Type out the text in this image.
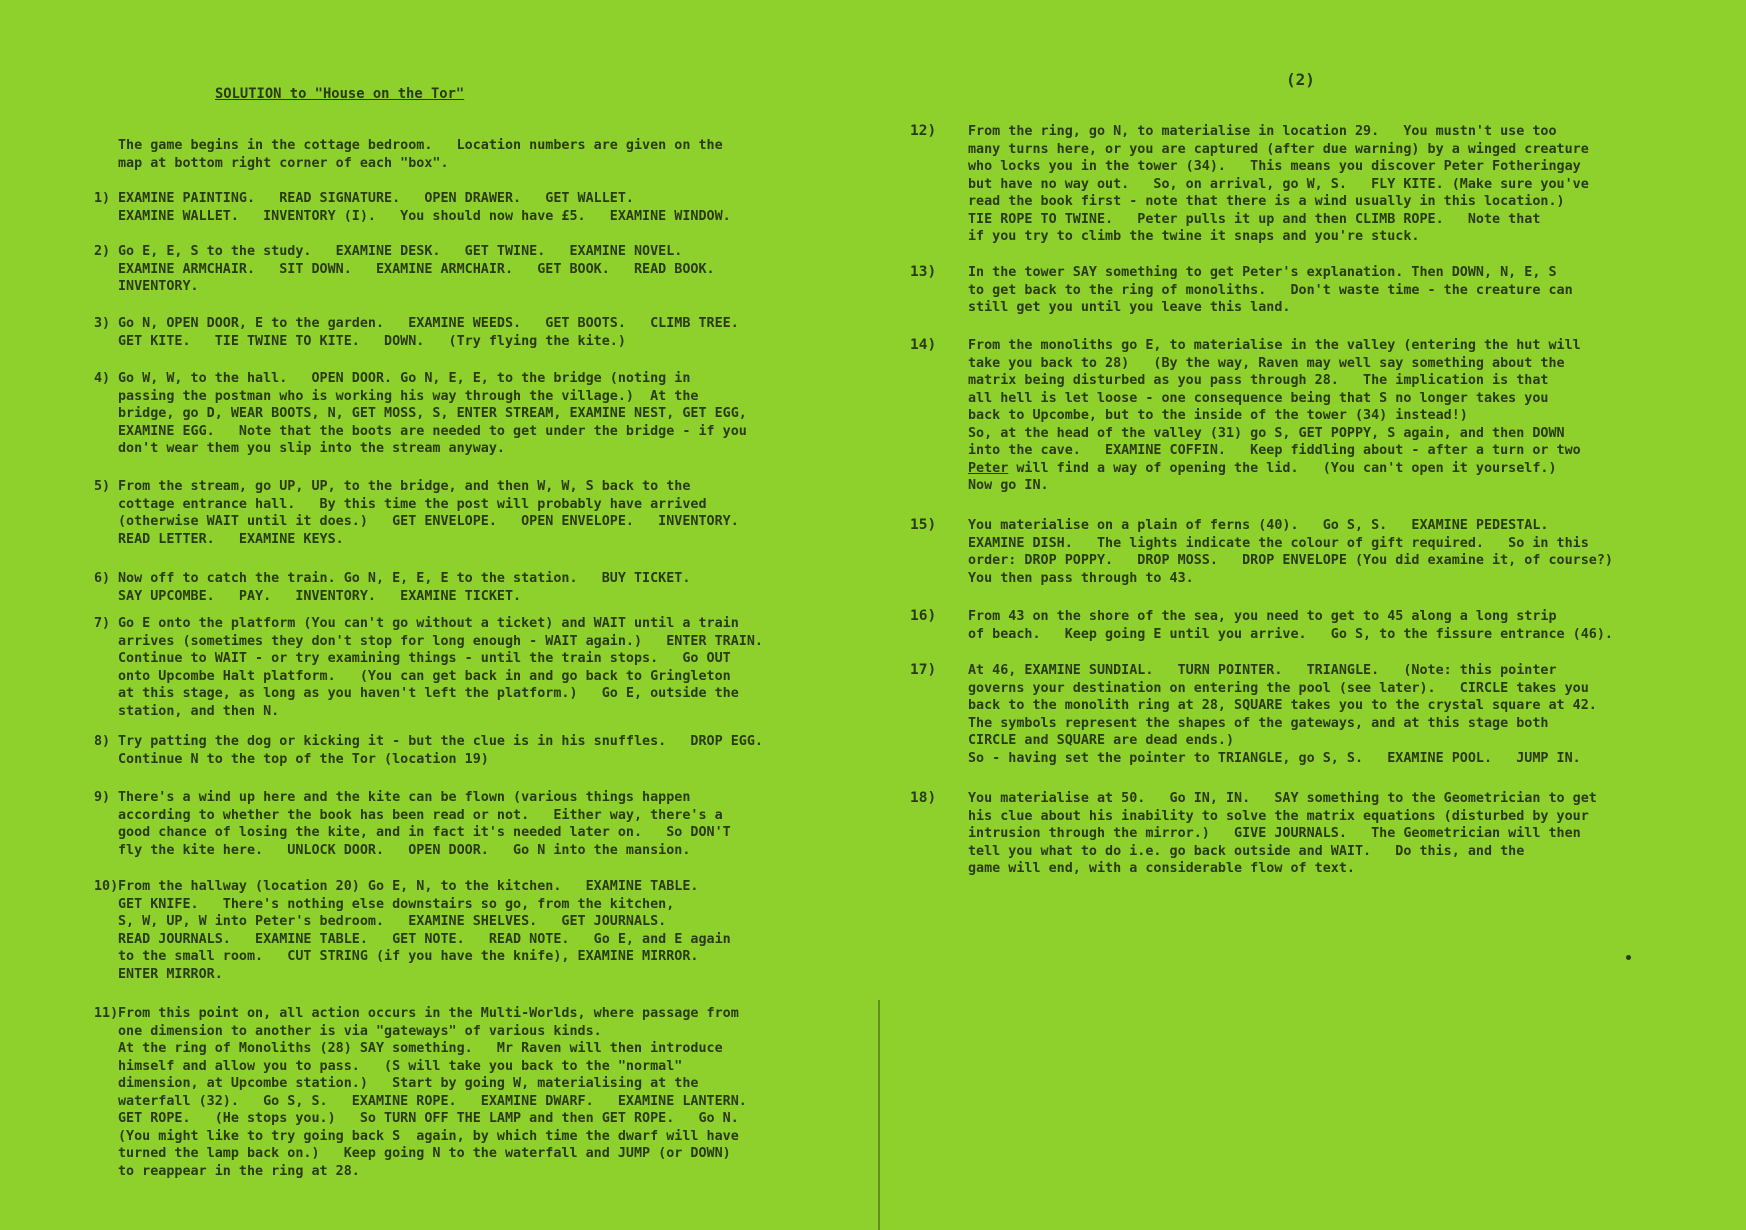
SOLUTION to "House on the Tor"
The game begins in the cottage bedroom.   Location numbers are given on the
map at bottom right corner of each "box".
1) EXAMINE PAINTING.   READ SIGNATURE.   OPEN DRAWER.   GET WALLET.
EXAMINE WALLET.   INVENTORY (I).   You should now have £5.   EXAMINE WINDOW.

2) Go E, E, S to the study.   EXAMINE DESK.   GET TWINE.   EXAMINE NOVEL.
EXAMINE ARMCHAIR.   SIT DOWN.   EXAMINE ARMCHAIR.   GET BOOK.   READ BOOK.
INVENTORY.

3) Go N, OPEN DOOR, E to the garden.   EXAMINE WEEDS.   GET BOOTS.   CLIMB TREE.
GET KITE.   TIE TWINE TO KITE.   DOWN.   (Try flying the kite.)

4) Go W, W, to the hall.   OPEN DOOR. Go N, E, E, to the bridge (noting in
passing the postman who is working his way through the village.)  At the
bridge, go D, WEAR BOOTS, N, GET MOSS, S, ENTER STREAM, EXAMINE NEST, GET EGG,
EXAMINE EGG.   Note that the boots are needed to get under the bridge - if you
don't wear them you slip into the stream anyway.

5) From the stream, go UP, UP, to the bridge, and then W, W, S back to the
cottage entrance hall.   By this time the post will probably have arrived
(otherwise WAIT until it does.)   GET ENVELOPE.   OPEN ENVELOPE.   INVENTORY.
READ LETTER.   EXAMINE KEYS.

6) Now off to catch the train. Go N, E, E, E to the station.   BUY TICKET.
SAY UPCOMBE.   PAY.   INVENTORY.   EXAMINE TICKET.

7) Go E onto the platform (You can't go without a ticket) and WAIT until a train
arrives (sometimes they don't stop for long enough - WAIT again.)   ENTER TRAIN.
Continue to WAIT - or try examining things - until the train stops.   Go OUT
onto Upcombe Halt platform.   (You can get back in and go back to Gringleton
at this stage, as long as you haven't left the platform.)   Go E, outside the
station, and then N.

8) Try patting the dog or kicking it - but the clue is in his snuffles.   DROP EGG.
Continue N to the top of the Tor (location 19)

9) There's a wind up here and the kite can be flown (various things happen
according to whether the book has been read or not.   Either way, there's a
good chance of losing the kite, and in fact it's needed later on.   So DON'T
fly the kite here.   UNLOCK DOOR.   OPEN DOOR.   Go N into the mansion.

10) From the hallway (location 20) Go E, N, to the kitchen.   EXAMINE TABLE.
GET KNIFE.   There's nothing else downstairs so go, from the kitchen,
S, W, UP, W into Peter's bedroom.   EXAMINE SHELVES.   GET JOURNALS.
READ JOURNALS.   EXAMINE TABLE.   GET NOTE.   READ NOTE.   Go E, and E again
to the small room.   CUT STRING (if you have the knife), EXAMINE MIRROR.
ENTER MIRROR.

11) From this point on, all action occurs in the Multi-Worlds, where passage from
one dimension to another is via "gateways" of various kinds.
At the ring of Monoliths (28) SAY something.   Mr Raven will then introduce
himself and allow you to pass.   (S will take you back to the "normal"
dimension, at Upcombe station.)   Start by going W, materialising at the
waterfall (32).   Go S, S.   EXAMINE ROPE.   EXAMINE DWARF.   EXAMINE LANTERN.
GET ROPE.   (He stops you.)   So TURN OFF THE LAMP and then GET ROPE.   Go N.
(You might like to try going back S  again, by which time the dwarf will have
turned the lamp back on.)   Keep going N to the waterfall and JUMP (or DOWN)
to reappear in the ring at 28.

(2)
12) From the ring, go N, to materialise in location 29.   You mustn't use too
many turns here, or you are captured (after due warning) by a winged creature
who locks you in the tower (34).   This means you discover Peter Fotheringay
but have no way out.   So, on arrival, go W, S.   FLY KITE. (Make sure you've
read the book first - note that there is a wind usually in this location.)
TIE ROPE TO TWINE.   Peter pulls it up and then CLIMB ROPE.   Note that
if you try to climb the twine it snaps and you're stuck.

13) In the tower SAY something to get Peter's explanation. Then DOWN, N, E, S
to get back to the ring of monoliths.   Don't waste time - the creature can
still get you until you leave this land.

14) From the monoliths go E, to materialise in the valley (entering the hut will
take you back to 28)   (By the way, Raven may well say something about the
matrix being disturbed as you pass through 28.   The implication is that
all hell is let loose - one consequence being that S no longer takes you
back to Upcombe, but to the inside of the tower (34) instead!)
So, at the head of the valley (31) go S, GET POPPY, S again, and then DOWN
into the cave.   EXAMINE COFFIN.   Keep fiddling about - after a turn or two
Peter will find a way of opening the lid.   (You can't open it yourself.)
Now go IN.

15) You materialise on a plain of ferns (40).   Go S, S.   EXAMINE PEDESTAL.
EXAMINE DISH.   The lights indicate the colour of gift required.   So in this
order: DROP POPPY.   DROP MOSS.   DROP ENVELOPE (You did examine it, of course?)
You then pass through to 43.

16) From 43 on the shore of the sea, you need to get to 45 along a long strip
of beach.   Keep going E until you arrive.   Go S, to the fissure entrance (46).

17) At 46, EXAMINE SUNDIAL.   TURN POINTER.   TRIANGLE.   (Note: this pointer
governs your destination on entering the pool (see later).   CIRCLE takes you
back to the monolith ring at 28, SQUARE takes you to the crystal square at 42.
The symbols represent the shapes of the gateways, and at this stage both
CIRCLE and SQUARE are dead ends.)
So - having set the pointer to TRIANGLE, go S, S.   EXAMINE POOL.   JUMP IN.

18) You materialise at 50.   Go IN, IN.   SAY something to the Geometrician to get
his clue about his inability to solve the matrix equations (disturbed by your
intrusion through the mirror.)   GIVE JOURNALS.   The Geometrician will then
tell you what to do i.e. go back outside and WAIT.   Do this, and the
game will end, with a considerable flow of text.
